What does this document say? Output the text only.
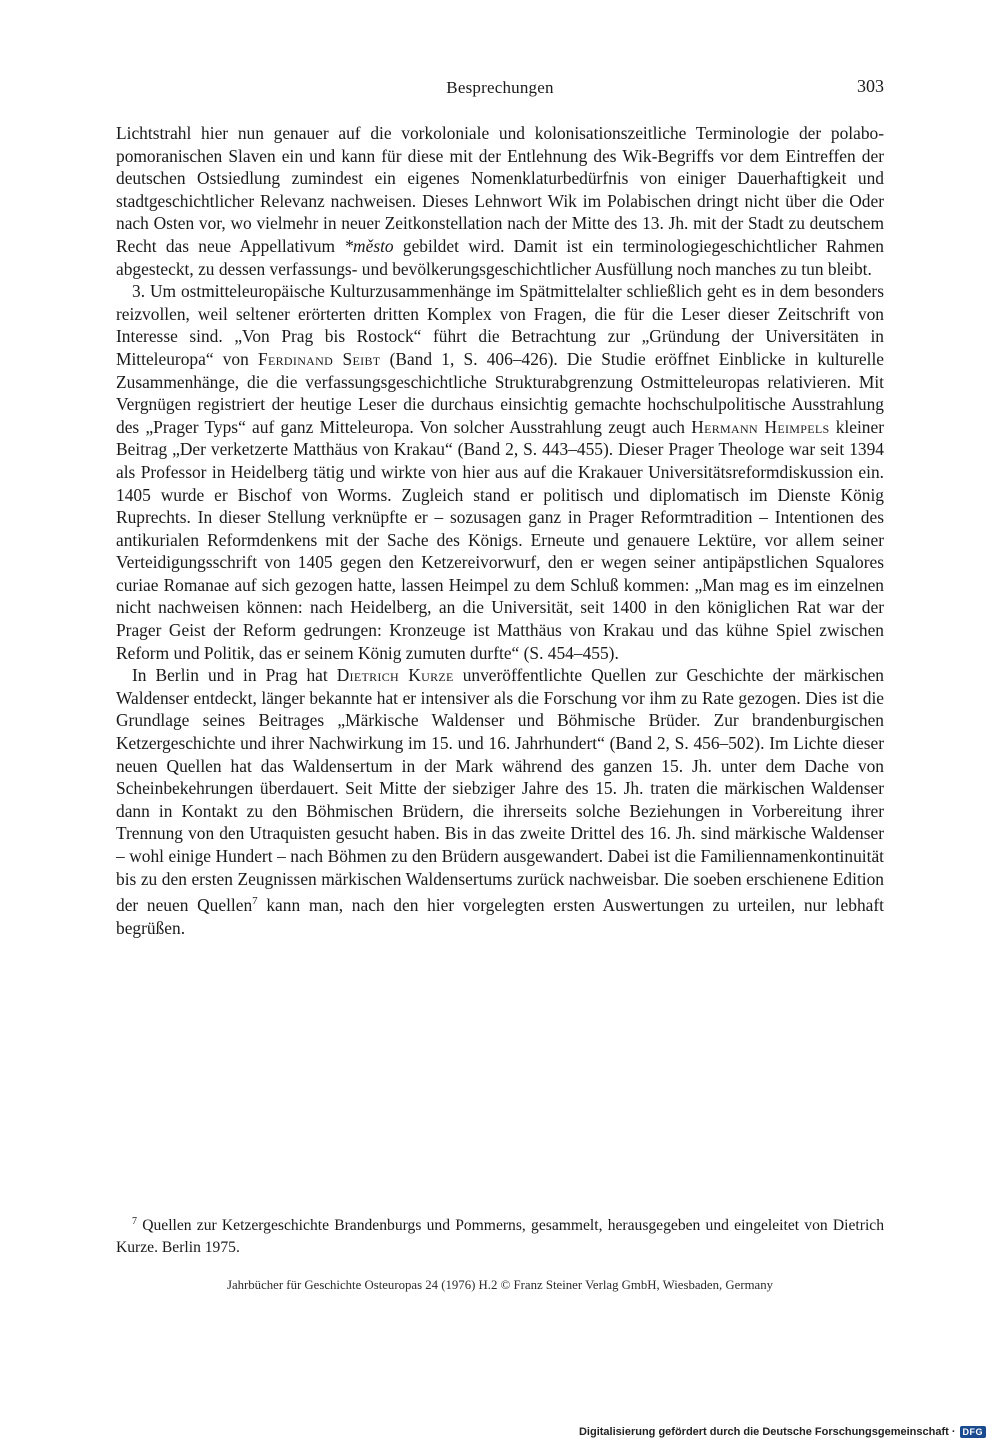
Besprechungen	303

Lichtstrahl hier nun genauer auf die vorkoloniale und kolonisationszeitliche Terminologie der polabo-pomoranischen Slaven ein und kann für diese mit der Entlehnung des Wik-Begriffs vor dem Eintreffen der deutschen Ostsiedlung zumindest ein eigenes Nomenklaturbedürfnis von einiger Dauerhaftigkeit und stadtgeschichtlicher Relevanz nachweisen. Dieses Lehnwort Wik im Polabischen dringt nicht über die Oder nach Osten vor, wo vielmehr in neuer Zeitkonstellation nach der Mitte des 13. Jh. mit der Stadt zu deutschem Recht das neue Appellativum *město gebildet wird. Damit ist ein terminologiegeschichtlicher Rahmen abgesteckt, zu dessen verfassungs- und bevölkerungsgeschichtlicher Ausfüllung noch manches zu tun bleibt.

3. Um ostmitteleuropäische Kulturzusammenhänge im Spätmittelalter schließlich geht es in dem besonders reizvollen, weil seltener erörterten dritten Komplex von Fragen, die für die Leser dieser Zeitschrift von Interesse sind. „Von Prag bis Rostock“ führt die Betrachtung zur „Gründung der Universitäten in Mitteleuropa“ von Ferdinand Seibt (Band 1, S. 406–426). Die Studie eröffnet Einblicke in kulturelle Zusammenhänge, die die verfassungsgeschichtliche Strukturabgrenzung Ostmitteleuropas relativieren. Mit Vergnügen registriert der heutige Leser die durchaus einsichtig gemachte hochschulpolitische Ausstrahlung des „Prager Typs“ auf ganz Mitteleuropa. Von solcher Ausstrahlung zeugt auch Hermann Heimpels kleiner Beitrag „Der verketzerte Matthäus von Krakau“ (Band 2, S. 443–455). Dieser Prager Theologe war seit 1394 als Professor in Heidelberg tätig und wirkte von hier aus auf die Krakauer Universitätsreformdiskussion ein. 1405 wurde er Bischof von Worms. Zugleich stand er politisch und diplomatisch im Dienste König Ruprechts. In dieser Stellung verknüpfte er – sozusagen ganz in Prager Reformtradition – Intentionen des antikurialen Reformdenkens mit der Sache des Königs. Erneute und genauere Lektüre, vor allem seiner Verteidigungsschrift von 1405 gegen den Ketzereivorwurf, den er wegen seiner antipäpstlichen Squalores curiae Romanae auf sich gezogen hatte, lassen Heimpel zu dem Schluß kommen: „Man mag es im einzelnen nicht nachweisen können: nach Heidelberg, an die Universität, seit 1400 in den königlichen Rat war der Prager Geist der Reform gedrungen: Kronzeuge ist Matthäus von Krakau und das kühne Spiel zwischen Reform und Politik, das er seinem König zumuten durfte“ (S. 454–455).

In Berlin und in Prag hat Dietrich Kurze unveröffentlichte Quellen zur Geschichte der märkischen Waldenser entdeckt, länger bekannte hat er intensiver als die Forschung vor ihm zu Rate gezogen. Dies ist die Grundlage seines Beitrages „Märkische Waldenser und Böhmische Brüder. Zur brandenburgischen Ketzergeschichte und ihrer Nachwirkung im 15. und 16. Jahrhundert“ (Band 2, S. 456–502). Im Lichte dieser neuen Quellen hat das Waldensertum in der Mark während des ganzen 15. Jh. unter dem Dache von Scheinbekehrungen überdauert. Seit Mitte der siebziger Jahre des 15. Jh. traten die märkischen Waldenser dann in Kontakt zu den Böhmischen Brüdern, die ihrerseits solche Beziehungen in Vorbereitung ihrer Trennung von den Utraquisten gesucht haben. Bis in das zweite Drittel des 16. Jh. sind märkische Waldenser – wohl einige Hundert – nach Böhmen zu den Brüdern ausgewandert. Dabei ist die Familiennamenkontinuität bis zu den ersten Zeugnissen märkischen Waldensertums zurück nachweisbar. Die soeben erschienene Edition der neuen Quellen$^7$ kann man, nach den hier vorgelegten ersten Auswertungen zu urteilen, nur lebhaft begrüßen.

$^7$ Quellen zur Ketzergeschichte Brandenburgs und Pommerns, gesammelt, herausgegeben und eingeleitet von Dietrich Kurze. Berlin 1975.
Jahrbücher für Geschichte Osteuropas 24 (1976) H.2 © Franz Steiner Verlag GmbH, Wiesbaden, Germany
Digitalisierung gefördert durch die Deutsche Forschungsgemeinschaft · DFG
